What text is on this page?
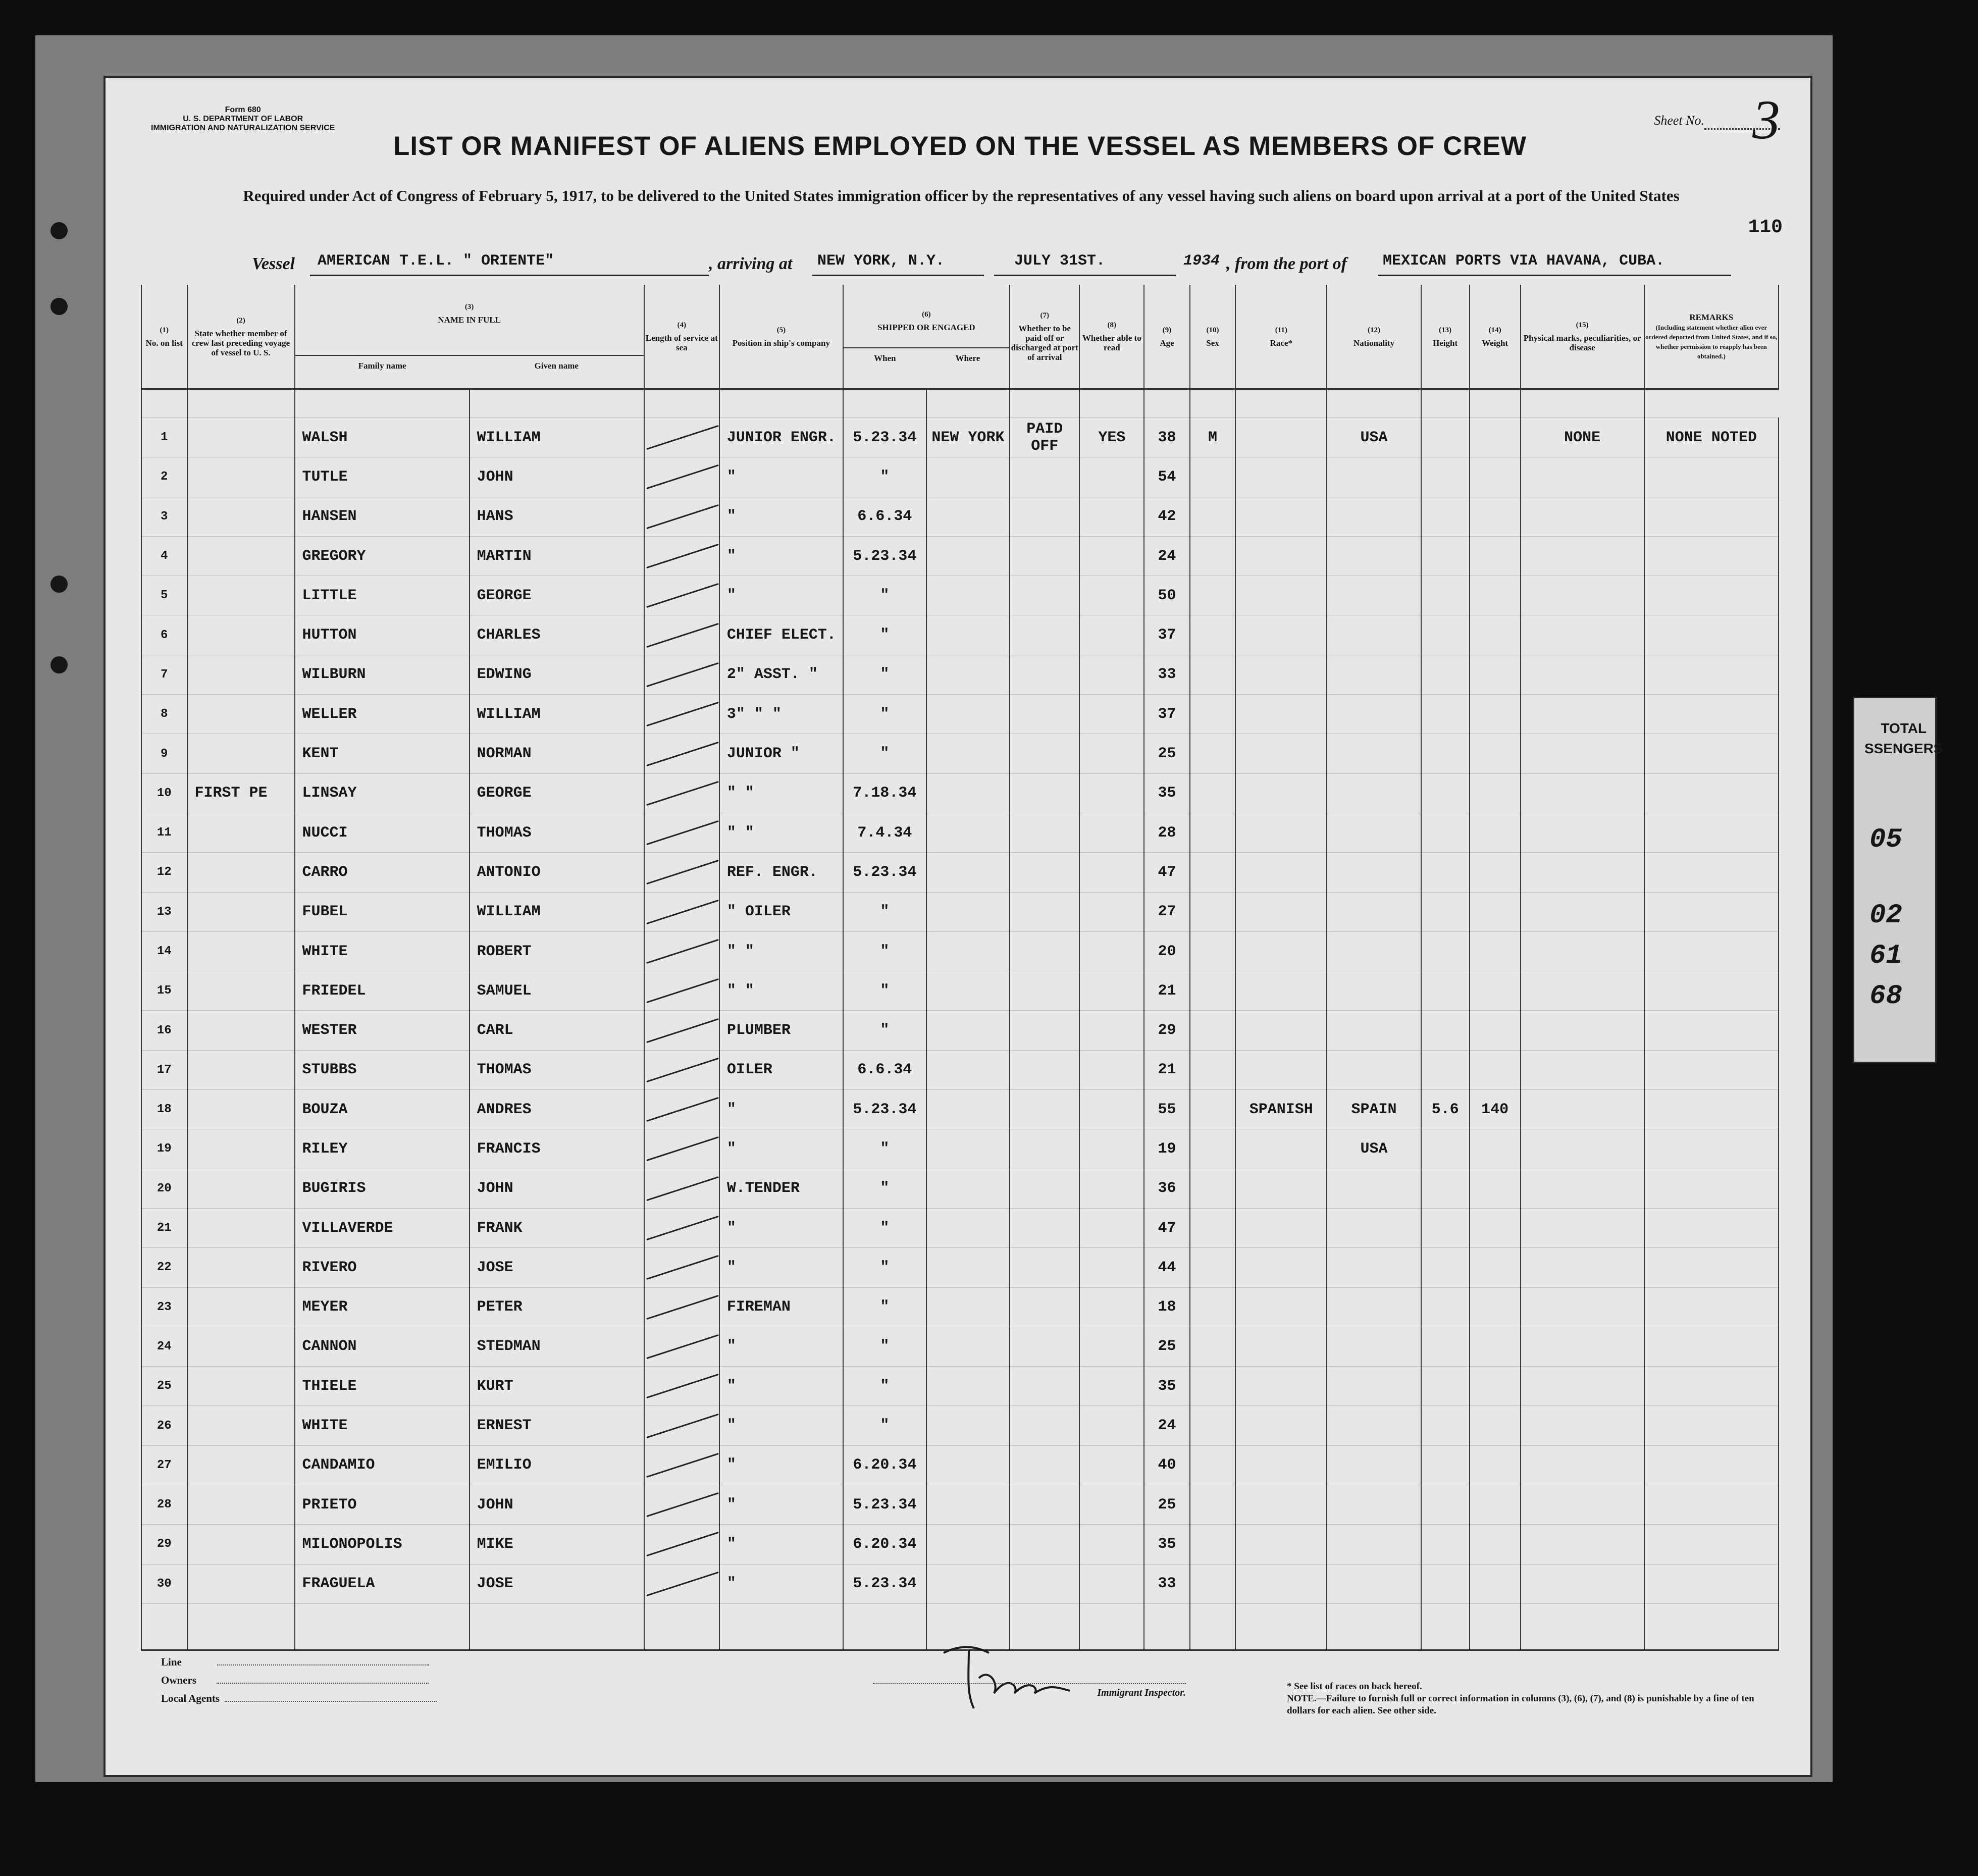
TOTAL
SSENGERS
05
02
61
68
Form 680
U. S. DEPARTMENT OF LABOR
IMMIGRATION AND NATURALIZATION SERVICE
Sheet No. 3
LIST OR MANIFEST OF ALIENS EMPLOYED ON THE VESSEL AS MEMBERS OF CREW
Required under Act of Congress of February 5, 1917, to be delivered to the United States immigration officer by the representatives of any vessel having such aliens on board upon arrival at a port of the United States
110
Vessel AMERICAN T.E.L. " ORIENTE"	, arriving at NEW YORK, N.Y.	JULY 31ST.	1934 , from the port of MEXICAN PORTS VIA HAVANA, CUBA.
(1)
No. on list	(2)
State whether member of crew last preceding voyage of vessel to U. S.	(3)
NAME IN FULL
Family name Given name		(4)
Length of service at sea	(5)
Position in ship's company	(6)
SHIPPED OR ENGAGED
When Where		(7)
Whether to be paid off or discharged at port of arrival	(8)
Whether able to read	(9)
Age	(10)
Sex	(11)
Race*	(12)
Nationality	(13)
Height	(14)
Weight	(15)
Physical marks, peculiarities, or disease	REMARKS
(Including statement whether alien ever ordered deported from United States, and if so, whether permission to reapply has been obtained.)

1		WALSH	WILLIAM		JUNIOR ENGR.	5.23.34	NEW YORK	PAID OFF	YES	38	M		USA			NONE	NONE NOTED
2		TUTLE	JOHN		"	"				54							
3		HANSEN	HANS		"	6.6.34				42							
4		GREGORY	MARTIN		"	5.23.34				24							
5		LITTLE	GEORGE		"	"				50							
6		HUTTON	CHARLES		CHIEF ELECT.	"				37							
7		WILBURN	EDWING		2" ASST. "	"				33							
8		WELLER	WILLIAM		3" " "	"				37							
9		KENT	NORMAN		JUNIOR "	"				25							
10	FIRST PE	LINSAY	GEORGE		" "	7.18.34				35							
11		NUCCI	THOMAS		" "	7.4.34				28							
12		CARRO	ANTONIO		REF. ENGR.	5.23.34				47							
13		FUBEL	WILLIAM		" OILER	"				27							
14		WHITE	ROBERT		" "	"				20							
15		FRIEDEL	SAMUEL		" "	"				21							
16		WESTER	CARL		PLUMBER	"				29							
17		STUBBS	THOMAS		OILER	6.6.34				21							
18		BOUZA	ANDRES		"	5.23.34				55		SPANISH	SPAIN	5.6	140		
19		RILEY	FRANCIS		"	"				19			USA				
20		BUGIRIS	JOHN		W.TENDER	"				36							
21		VILLAVERDE	FRANK		"	"				47							
22		RIVERO	JOSE		"	"				44							
23		MEYER	PETER		FIREMAN	"				18							
24		CANNON	STEDMAN		"	"				25							
25		THIELE	KURT		"	"				35							
26		WHITE	ERNEST		"	"				24							
27		CANDAMIO	EMILIO		"	6.20.34				40							
28		PRIETO	JOHN		"	5.23.34				25							
29		MILONOPOLIS	MIKE		"	6.20.34				35							
30		FRAGUELA	JOSE		"	5.23.34				33							

Line
Owners
Local Agents	Immigrant Inspector.
* See list of races on back hereof.
NOTE.—Failure to furnish full or correct information in columns (3), (6), (7), and (8) is punishable by a fine of ten dollars for each alien. See other side.
